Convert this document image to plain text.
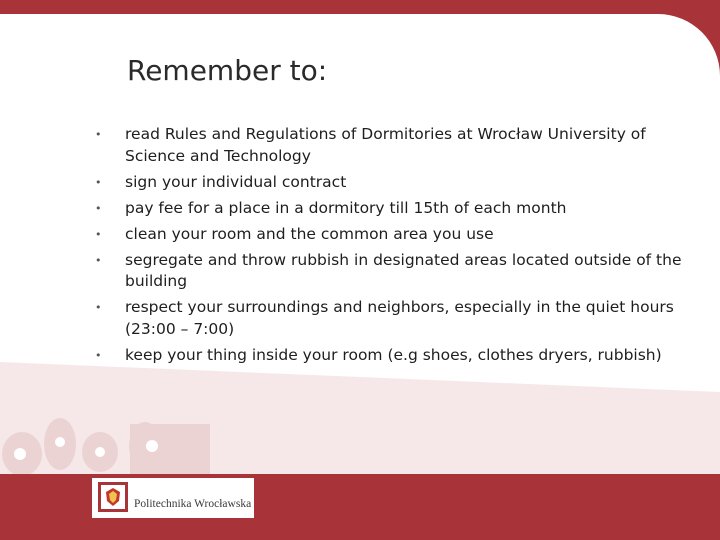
Remember to:
• read Rules and Regulations of Dormitories at Wrocław University of Science and Technology
• sign your individual contract
• pay fee for a place in a dormitory till 15th of each month
• clean your room and the common area you use
• segregate and throw rubbish in designated areas located outside of the building
• respect your surroundings and neighbors, especially in the quiet hours (23:00 – 7:00)
• keep your thing inside your room (e.g shoes, clothes dryers, rubbish)
Politechnika Wrocławska
